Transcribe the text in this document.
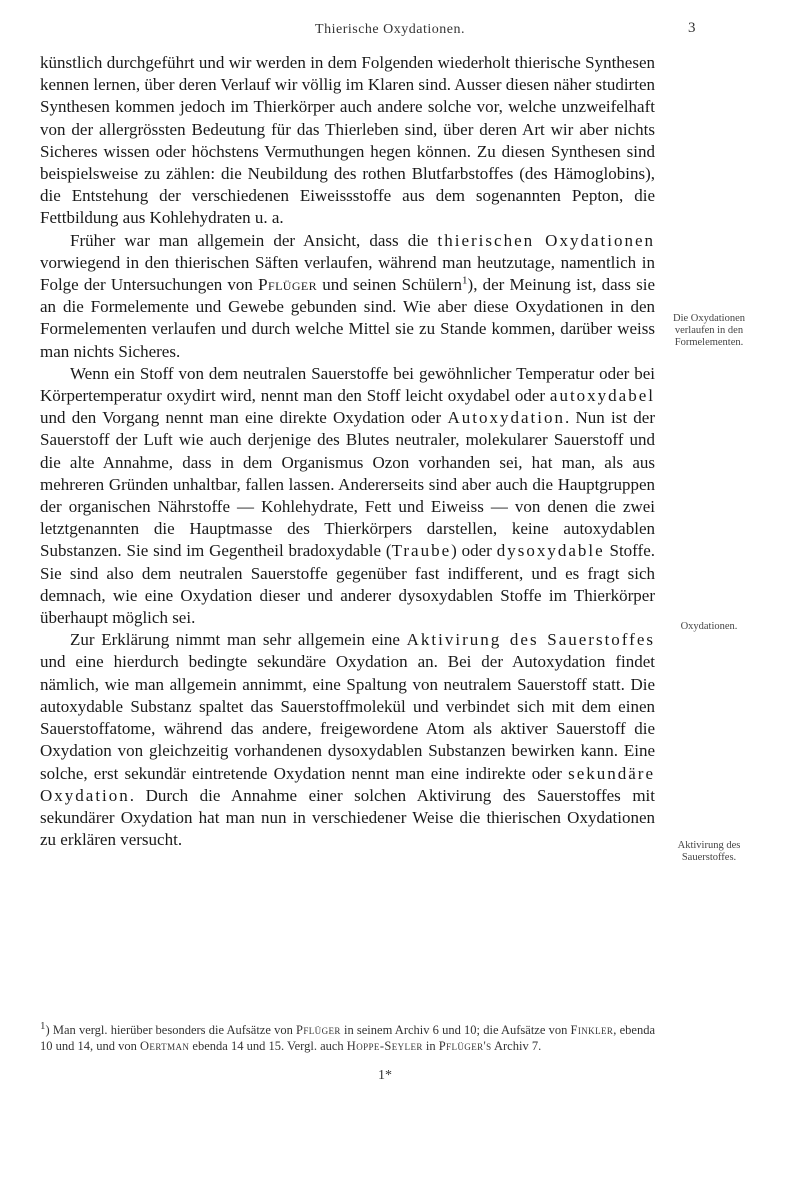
Thierische Oxydationen.	3

künstlich durchgeführt und wir werden in dem Folgenden wiederholt thierische Synthesen kennen lernen, über deren Verlauf wir völlig im Klaren sind. Ausser diesen näher studirten Synthesen kommen jedoch im Thierkörper auch andere solche vor, welche unzweifelhaft von der allergrössten Bedeutung für das Thierleben sind, über deren Art wir aber nichts Sicheres wissen oder höchstens Vermuthungen hegen können. Zu diesen Synthesen sind beispielsweise zu zählen: die Neubildung des rothen Blutfarbstoffes (des Hämoglobins), die Entstehung der verschiedenen Eiweissstoffe aus dem sogenannten Pepton, die Fettbildung aus Kohlehydraten u. a.

Früher war man allgemein der Ansicht, dass die thierischen Oxydationen vorwiegend in den thierischen Säften verlaufen, während man heutzutage, namentlich in Folge der Untersuchungen von Pflüger und seinen Schülern$^1$), der Meinung ist, dass sie an die Formelemente und Gewebe gebunden sind. Wie aber diese Oxydationen in den Formelementen verlaufen und durch welche Mittel sie zu Stande kommen, darüber weiss man nichts Sicheres.

Wenn ein Stoff von dem neutralen Sauerstoffe bei gewöhnlicher Temperatur oder bei Körpertemperatur oxydirt wird, nennt man den Stoff leicht oxydabel oder autoxydabel und den Vorgang nennt man eine direkte Oxydation oder Autoxydation. Nun ist der Sauerstoff der Luft wie auch derjenige des Blutes neutraler, molekularer Sauerstoff und die alte Annahme, dass in dem Organismus Ozon vorhanden sei, hat man, als aus mehreren Gründen unhaltbar, fallen lassen. Andererseits sind aber auch die Hauptgruppen der organischen Nährstoffe — Kohlehydrate, Fett und Eiweiss — von denen die zwei letztgenannten die Hauptmasse des Thierkörpers darstellen, keine autoxydablen Substanzen. Sie sind im Gegentheil bradoxydable (Traube) oder dysoxydable Stoffe. Sie sind also dem neutralen Sauerstoffe gegenüber fast indifferent, und es fragt sich demnach, wie eine Oxydation dieser und anderer dysoxydablen Stoffe im Thierkörper überhaupt möglich sei.

Zur Erklärung nimmt man sehr allgemein eine Aktivirung des Sauerstoffes und eine hierdurch bedingte sekundäre Oxydation an. Bei der Autoxydation findet nämlich, wie man allgemein annimmt, eine Spaltung von neutralem Sauerstoff statt. Die autoxydable Substanz spaltet das Sauerstoffmolekül und verbindet sich mit dem einen Sauerstoffatome, während das andere, freigewordene Atom als aktiver Sauerstoff die Oxydation von gleichzeitig vorhandenen dysoxydablen Substanzen bewirken kann. Eine solche, erst sekundär eintretende Oxydation nennt man eine indirekte oder sekundäre Oxydation. Durch die Annahme einer solchen Aktivirung des Sauerstoffes mit sekundärer Oxydation hat man nun in verschiedener Weise die thierischen Oxydationen zu erklären versucht.

Die Oxydationen verlaufen in den Formelementen.
Oxydationen.
Aktivirung des Sauerstoffes.

1) Man vergl. hierüber besonders die Aufsätze von Pflüger in seinem Archiv 6 und 10; die Aufsätze von Finkler, ebenda 10 und 14, und von Oertman ebenda 14 und 15. Vergl. auch Hoppe-Seyler in Pflüger's Archiv 7.

1*
